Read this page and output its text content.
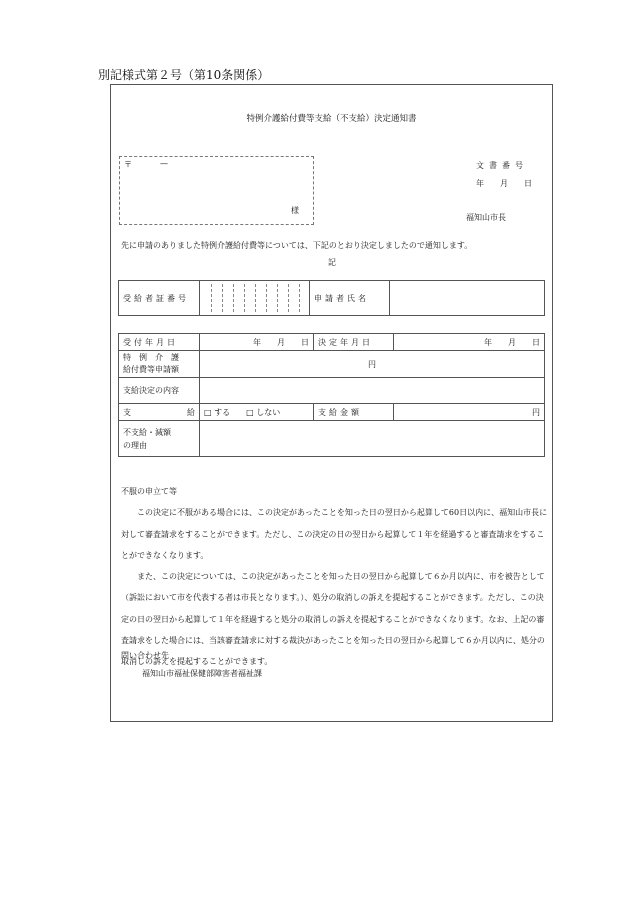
別記様式第２号（第10条関係）
特例介護給付費等支給（不支給）決定通知書
〒	—
様
文書番号
年　　月　　日
福知山市長
先に申請のありました特例介護給付費等については、下記のとおり決定しましたので通知します。
記
受給者証番号		申請者氏名	
受付年月日	年　　月　　日	決定年月日	年　　月　　日

特　例　介　護
給付費等申請額	円		
支給決定の内容			
支 給	□ する　　□ しない	支給金額	円

不支給・減額
の理由			

不服の申立て等

この決定に不服がある場合には、この決定があったことを知った日の翌日から起算して60日以内に、福知山市長に対して審査請求をすることができます。ただし、この決定の日の翌日から起算して１年を経過すると審査請求をすることができなくなります。

また、この決定については、この決定があったことを知った日の翌日から起算して６か月以内に、市を被告として（訴訟において市を代表する者は市長となります。）、処分の取消しの訴えを提起することができます。ただし、この決定の日の翌日から起算して１年を経過すると処分の取消しの訴えを提起することができなくなります。なお、上記の審査請求をした場合には、当該審査請求に対する裁決があったことを知った日の翌日から起算して６か月以内に、処分の取消しの訴えを提起することができます。

問い合わせ先
福知山市福祉保健部障害者福祉課
